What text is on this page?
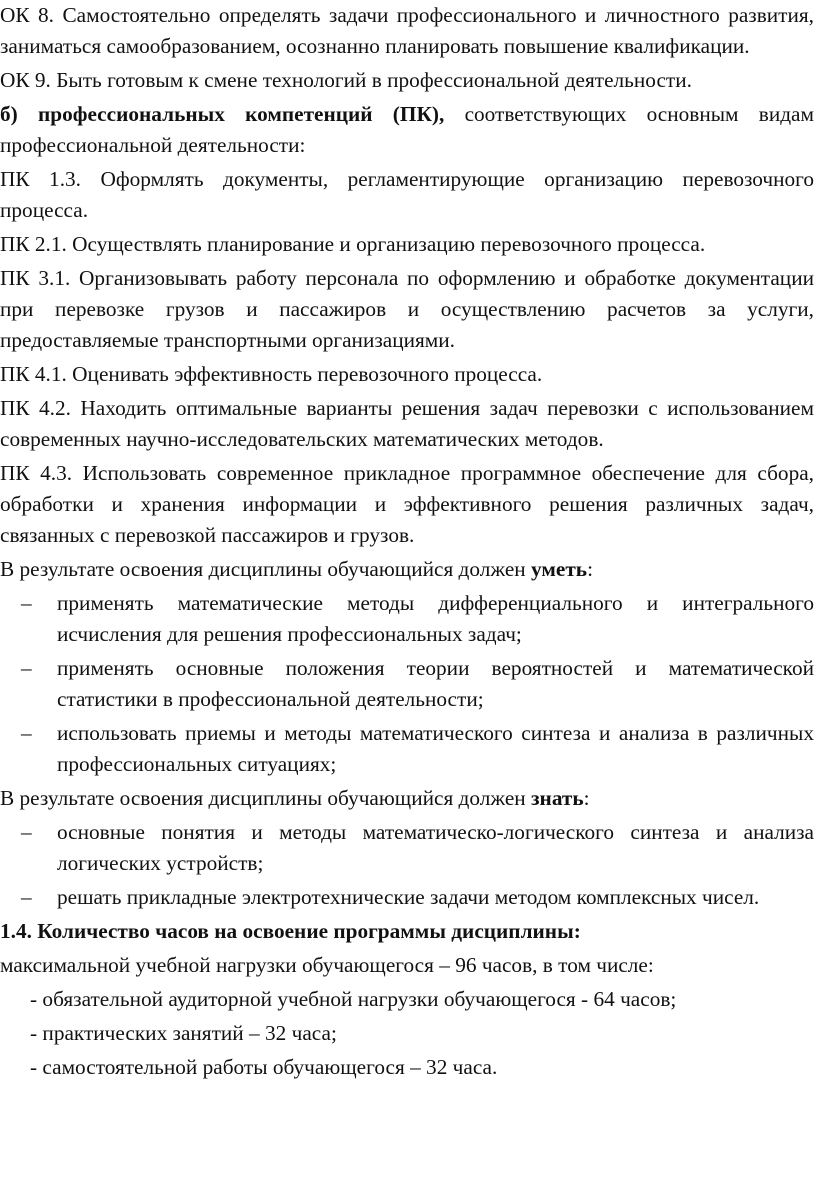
ОК 8. Самостоятельно определять задачи профессионального и личностного развития, заниматься самообразованием, осознанно планировать повышение квалификации.

ОК 9. Быть готовым к смене технологий в профессиональной деятельности.

б) профессиональных компетенций (ПК), соответствующих основным видам профессиональной деятельности:

ПК 1.3. Оформлять документы, регламентирующие организацию перевозочного процесса.

ПК 2.1. Осуществлять планирование и организацию перевозочного процесса.

ПК 3.1. Организовывать работу персонала по оформлению и обработке документации при перевозке грузов и пассажиров и осуществлению расчетов за услуги, предоставляемые транспортными организациями.

ПК 4.1. Оценивать эффективность перевозочного процесса.

ПК 4.2. Находить оптимальные варианты решения задач перевозки с использованием современных научно-исследовательских математических методов.

ПК 4.3. Использовать современное прикладное программное обеспечение для сбора, обработки и хранения информации и эффективного решения различных задач, связанных с перевозкой пассажиров и грузов.

В результате освоения дисциплины обучающийся должен уметь:

– применять математические методы дифференциального и интегрального исчисления для решения профессиональных задач;
– применять основные положения теории вероятностей и математической статистики в профессиональной деятельности;
– использовать приемы и методы математического синтеза и анализа в различных профессиональных ситуациях;

В результате освоения дисциплины обучающийся должен знать:

– основные понятия и методы математическо-логического синтеза и анализа логических устройств;
– решать прикладные электротехнические задачи методом комплексных чисел.

1.4. Количество часов на освоение программы дисциплины:

максимальной учебной нагрузки обучающегося – 96 часов, в том числе:

- обязательной аудиторной учебной нагрузки обучающегося - 64 часов;

- практических занятий – 32 часа;

- самостоятельной работы обучающегося – 32 часа.
